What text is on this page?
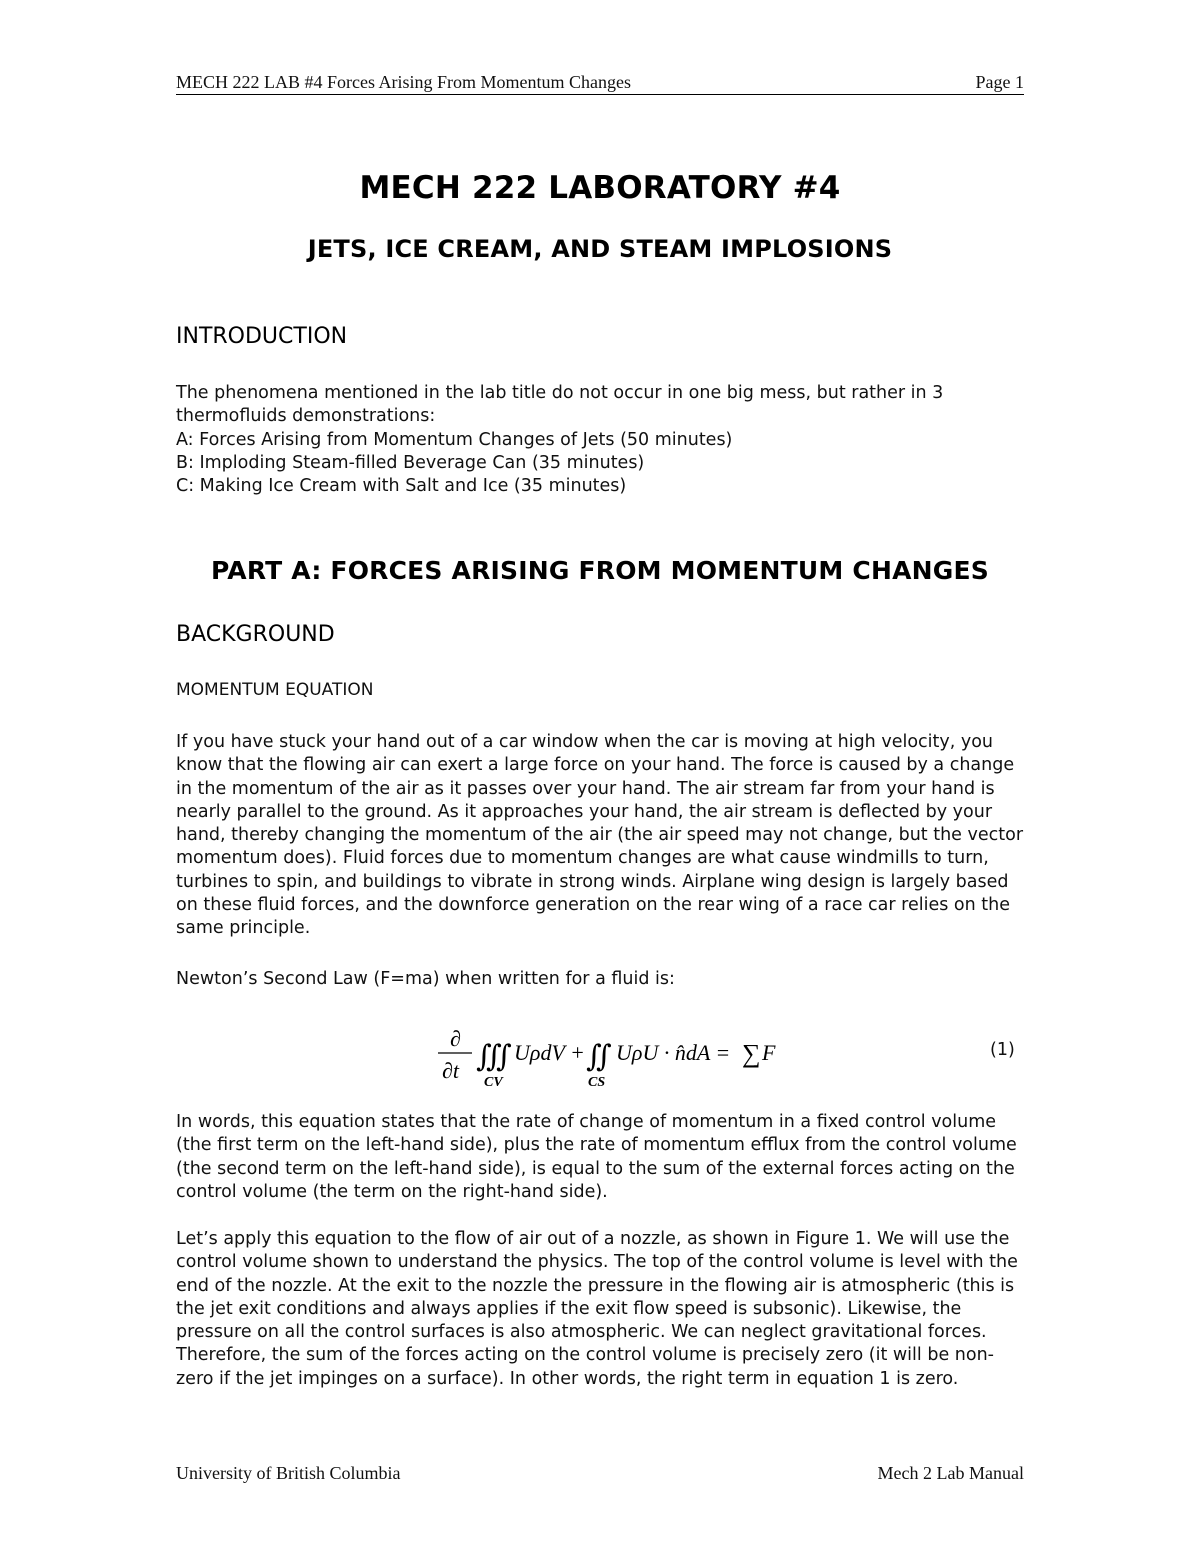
MECH 222 LAB #4 Forces Arising From Momentum Changes	Page 1
MECH 222 LABORATORY #4
JETS, ICE CREAM, AND STEAM IMPLOSIONS
INTRODUCTION
The phenomena mentioned in the lab title do not occur in one big mess, but rather in 3
thermofluids demonstrations:
A: Forces Arising from Momentum Changes of Jets (50 minutes)
B: Imploding Steam-filled Beverage Can (35 minutes)
C: Making Ice Cream with Salt and Ice (35 minutes)
PART A: FORCES ARISING FROM MOMENTUM CHANGES
BACKGROUND
MOMENTUM EQUATION
If you have stuck your hand out of a car window when the car is moving at high velocity, you
know that the flowing air can exert a large force on your hand. The force is caused by a change
in the momentum of the air as it passes over your hand. The air stream far from your hand is
nearly parallel to the ground. As it approaches your hand, the air stream is deflected by your
hand, thereby changing the momentum of the air (the air speed may not change, but the vector
momentum does). Fluid forces due to momentum changes are what cause windmills to turn,
turbines to spin, and buildings to vibrate in strong winds. Airplane wing design is largely based
on these fluid forces, and the downforce generation on the rear wing of a race car relies on the
same principle.
Newton’s Second Law (F=ma) when written for a fluid is:
∂
∂t ∭
CV
UρdV + ∬
CS
UρU · n̂dA = ∑ F	(1)
In words, this equation states that the rate of change of momentum in a fixed control volume
(the first term on the left-hand side), plus the rate of momentum efflux from the control volume
(the second term on the left-hand side), is equal to the sum of the external forces acting on the
control volume (the term on the right-hand side).
Let’s apply this equation to the flow of air out of a nozzle, as shown in Figure 1. We will use the
control volume shown to understand the physics. The top of the control volume is level with the
end of the nozzle. At the exit to the nozzle the pressure in the flowing air is atmospheric (this is
the jet exit conditions and always applies if the exit flow speed is subsonic). Likewise, the
pressure on all the control surfaces is also atmospheric. We can neglect gravitational forces.
Therefore, the sum of the forces acting on the control volume is precisely zero (it will be non-
zero if the jet impinges on a surface). In other words, the right term in equation 1 is zero.
University of British Columbia	Mech 2 Lab Manual
